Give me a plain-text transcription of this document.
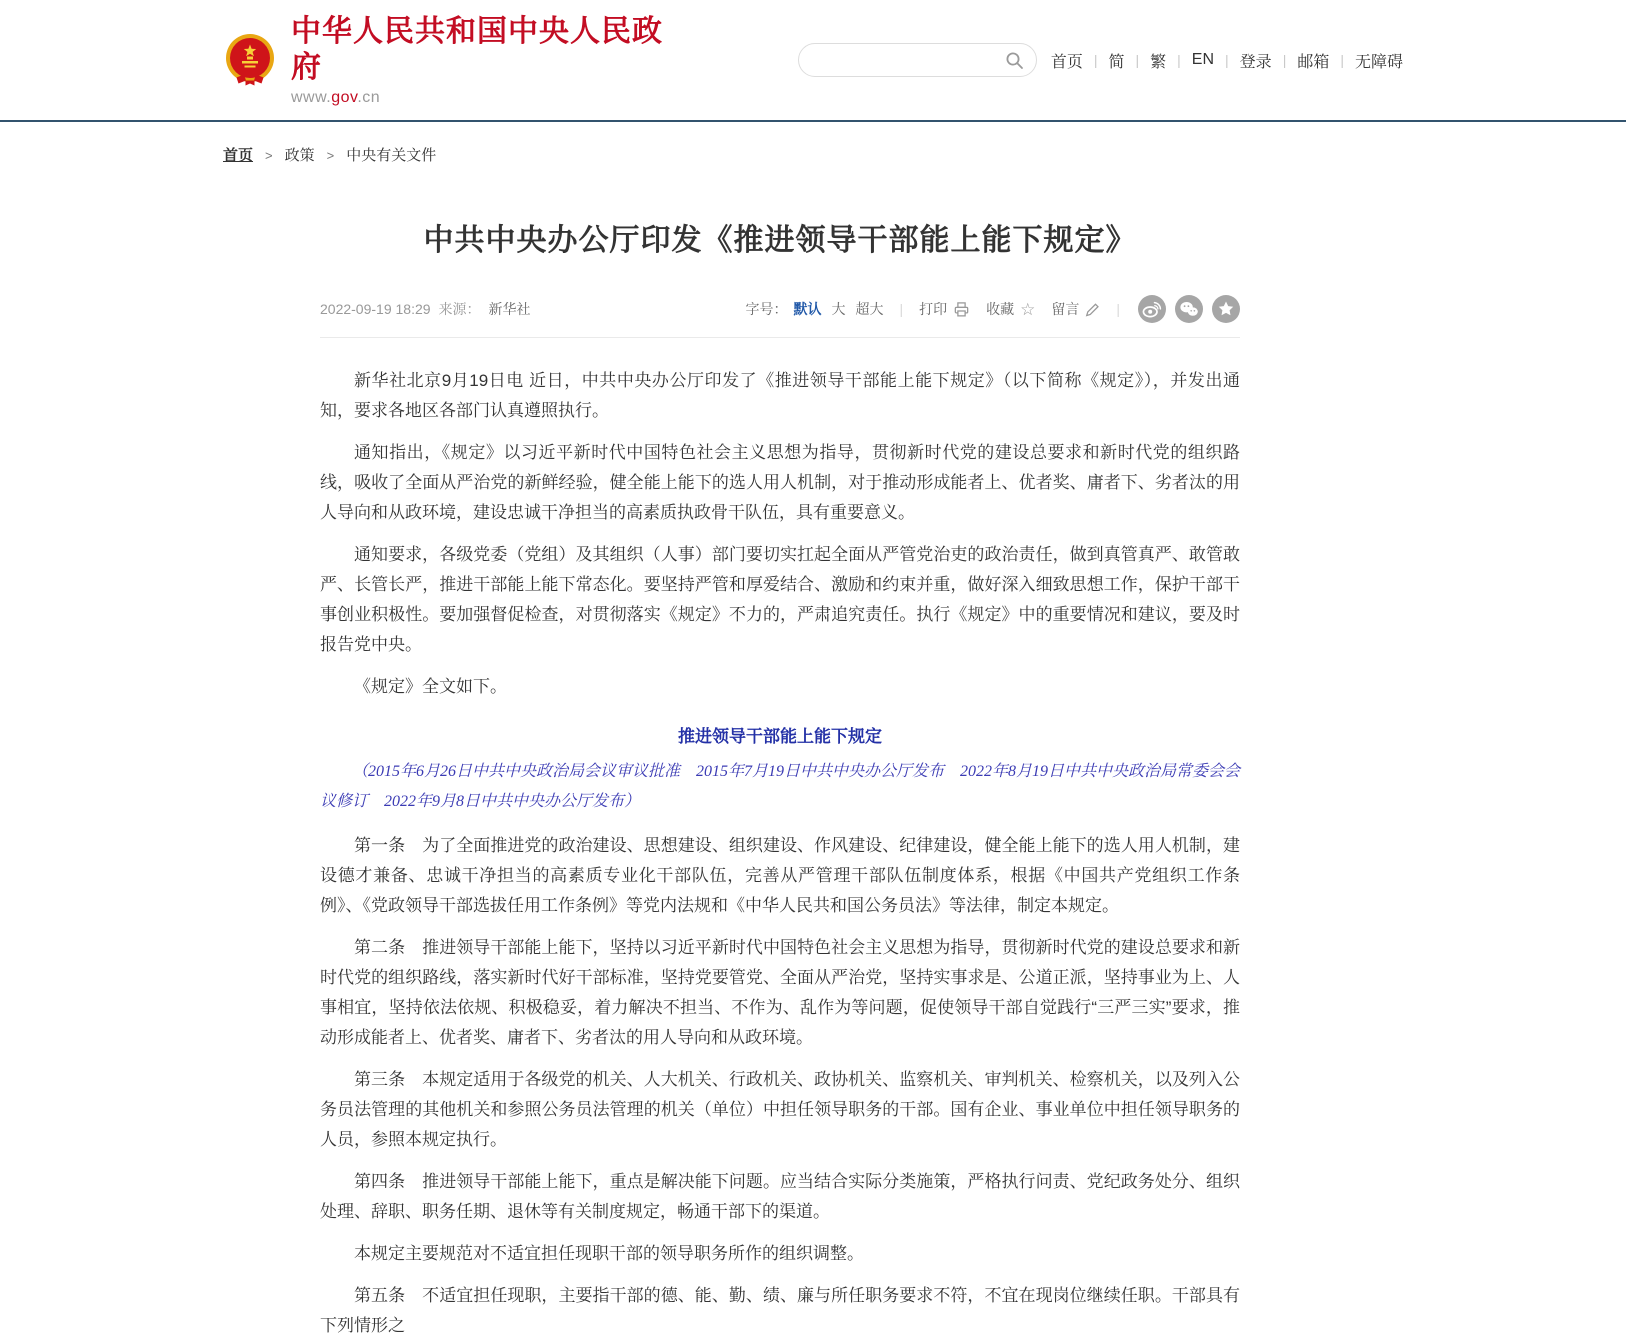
中华人民共和国中央人民政府
www.gov.cn
首页 | 简 | 繁 | EN | 登录 | 邮箱 | 无障碍
首页 > 政策 > 中央有关文件
中共中央办公厅印发《推进领导干部能上能下规定》
2022-09-19 18:29 来源： 新华社	字号： 默认 大 超大 | 打印	收藏 ☆ 留言	|

新华社北京9月19日电 近日，中共中央办公厅印发了《推进领导干部能上能下规定》（以下简称《规定》），并发出通知，要求各地区各部门认真遵照执行。

通知指出，《规定》以习近平新时代中国特色社会主义思想为指导，贯彻新时代党的建设总要求和新时代党的组织路线，吸收了全面从严治党的新鲜经验，健全能上能下的选人用人机制，对于推动形成能者上、优者奖、庸者下、劣者汰的用人导向和从政环境，建设忠诚干净担当的高素质执政骨干队伍，具有重要意义。

通知要求，各级党委（党组）及其组织（人事）部门要切实扛起全面从严管党治吏的政治责任，做到真管真严、敢管敢严、长管长严，推进干部能上能下常态化。要坚持严管和厚爱结合、激励和约束并重，做好深入细致思想工作，保护干部干事创业积极性。要加强督促检查，对贯彻落实《规定》不力的，严肃追究责任。执行《规定》中的重要情况和建议，要及时报告党中央。

《规定》全文如下。

推进领导干部能上能下规定

（2015年6月26日中共中央政治局会议审议批准　2015年7月19日中共中央办公厅发布　2022年8月19日中共中央政治局常委会会议修订　2022年9月8日中共中央办公厅发布）

第一条　为了全面推进党的政治建设、思想建设、组织建设、作风建设、纪律建设，健全能上能下的选人用人机制，建设德才兼备、忠诚干净担当的高素质专业化干部队伍，完善从严管理干部队伍制度体系，根据《中国共产党组织工作条例》、《党政领导干部选拔任用工作条例》等党内法规和《中华人民共和国公务员法》等法律，制定本规定。

第二条　推进领导干部能上能下，坚持以习近平新时代中国特色社会主义思想为指导，贯彻新时代党的建设总要求和新时代党的组织路线，落实新时代好干部标准，坚持党要管党、全面从严治党，坚持实事求是、公道正派，坚持事业为上、人事相宜，坚持依法依规、积极稳妥，着力解决不担当、不作为、乱作为等问题，促使领导干部自觉践行“三严三实”要求，推动形成能者上、优者奖、庸者下、劣者汰的用人导向和从政环境。

第三条　本规定适用于各级党的机关、人大机关、行政机关、政协机关、监察机关、审判机关、检察机关，以及列入公务员法管理的其他机关和参照公务员法管理的机关（单位）中担任领导职务的干部。国有企业、事业单位中担任领导职务的人员，参照本规定执行。

第四条　推进领导干部能上能下，重点是解决能下问题。应当结合实际分类施策，严格执行问责、党纪政务处分、组织处理、辞职、职务任期、退休等有关制度规定，畅通干部下的渠道。

本规定主要规范对不适宜担任现职干部的领导职务所作的组织调整。

第五条　不适宜担任现职，主要指干部的德、能、勤、绩、廉与所任职务要求不符，不宜在现岗位继续任职。干部具有下列情形之
